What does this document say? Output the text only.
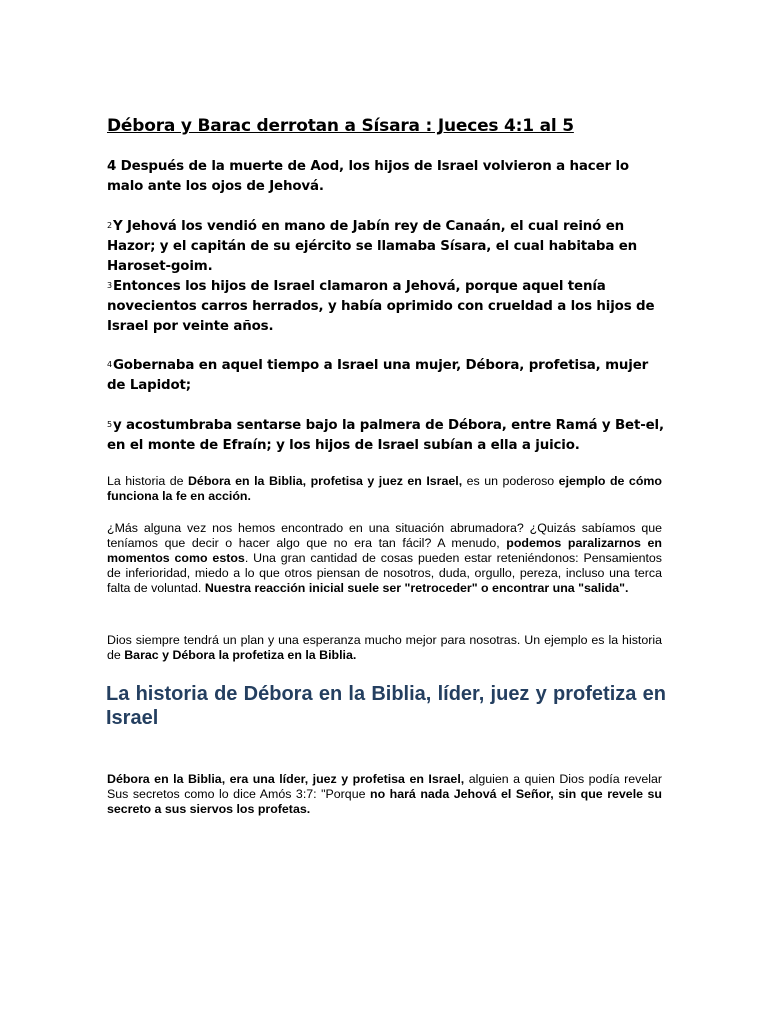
Débora y Barac derrotan a Sísara : Jueces 4:1 al 5
4 Después de la muerte de Aod, los hijos de Israel volvieron a hacer lo malo ante los ojos de Jehová.
$^2$Y Jehová los vendió en mano de Jabín rey de Canaán, el cual reinó en Hazor; y el capitán de su ejército se llamaba Sísara, el cual habitaba en Haroset-goim.
$^3$Entonces los hijos de Israel clamaron a Jehová, porque aquel tenía novecientos carros herrados, y había oprimido con crueldad a los hijos de Israel por veinte años.
$^4$Gobernaba en aquel tiempo a Israel una mujer, Débora, profetisa, mujer de Lapidot;
$^5$y acostumbraba sentarse bajo la palmera de Débora, entre Ramá y Bet-el, en el monte de Efraín; y los hijos de Israel subían a ella a juicio.
La historia de Débora en la Biblia, profetisa y juez en Israel, es un poderoso ejemplo de cómo funciona la fe en acción.
¿Más alguna vez nos hemos encontrado en una situación abrumadora? ¿Quizás sabíamos que teníamos que decir o hacer algo que no era tan fácil? A menudo, podemos paralizarnos en momentos como estos. Una gran cantidad de cosas pueden estar reteniéndonos: Pensamientos de inferioridad, miedo a lo que otros piensan de nosotros, duda, orgullo, pereza, incluso una terca falta de voluntad. Nuestra reacción inicial suele ser "retroceder" o encontrar una "salida".
Dios siempre tendrá un plan y una esperanza mucho mejor para nosotras. Un ejemplo es la historia de Barac y Débora la profetiza en la Biblia.
La historia de Débora en la Biblia, líder, juez y profetiza en Israel
Débora en la Biblia, era una líder, juez y profetisa en Israel, alguien a quien Dios podía revelar Sus secretos como lo dice Amós 3:7: "Porque no hará nada Jehová el Señor, sin que revele su secreto a sus siervos los profetas.
